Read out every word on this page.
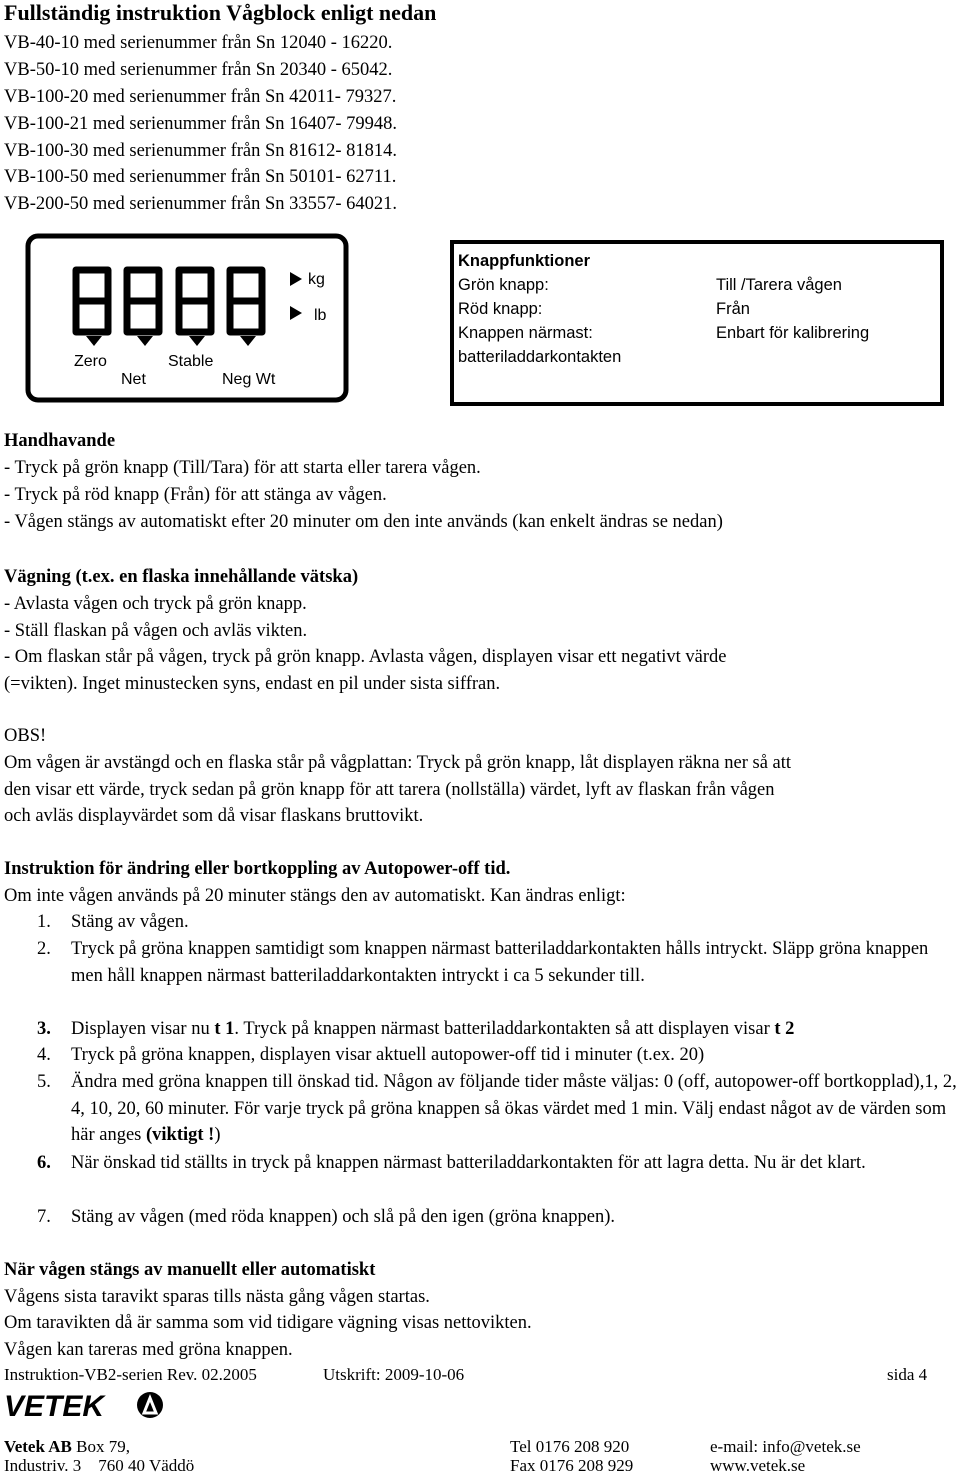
Fullständig instruktion Vågblock enligt nedan
VB-40-10 med serienummer från Sn 12040 - 16220.
VB-50-10 med serienummer från Sn 20340 - 65042.
VB-100-20 med serienummer från Sn 42011- 79327.
VB-100-21 med serienummer från Sn 16407- 79948.
VB-100-30 med serienummer från Sn 81612- 81814.
VB-100-50 med serienummer från Sn 50101- 62711.
VB-200-50 med serienummer från Sn 33557- 64021.
kg
lb
Zero
Net
Stable
Neg Wt
Knappfunktioner
Grön knapp:	Till /Tarera vågen
Röd knapp:	Från
Knappen närmast:	Enbart för kalibrering
batteriladdarkontakten
Handhavande
- Tryck på grön knapp (Till/Tara) för att starta eller tarera vågen.
- Tryck på röd knapp (Från) för att stänga av vågen.
- Vågen stängs av automatiskt efter 20 minuter om den inte används (kan enkelt ändras se nedan)
Vägning (t.ex. en flaska innehållande vätska)
- Avlasta vågen och tryck på grön knapp.
- Ställ flaskan på vågen och avläs vikten.
- Om flaskan står på vågen, tryck på grön knapp. Avlasta vågen, displayen visar ett negativt värde
(=vikten). Inget minustecken syns, endast en pil under sista siffran.
OBS!
Om vågen är avstängd och en flaska står på vågplattan: Tryck på grön knapp, låt displayen räkna ner så att
den visar ett värde, tryck sedan på grön knapp för att tarera (nollställa) värdet, lyft av flaskan från vågen
och avläs displayvärdet som då visar flaskans bruttovikt.
Instruktion för ändring eller bortkoppling av Autopower-off tid.
Om inte vågen används på 20 minuter stängs den av automatiskt. Kan ändras enligt:
1.	Stäng av vågen.
2.	Tryck på gröna knappen samtidigt som knappen närmast batteriladdarkontakten hålls intryckt. Släpp gröna knappen men håll knappen närmast batteriladdarkontakten intryckt i ca 5 sekunder till.
3.	Displayen visar nu t 1. Tryck på knappen närmast batteriladdarkontakten så att displayen visar t 2
4.	Tryck på gröna knappen, displayen visar aktuell autopower-off tid i minuter (t.ex. 20)
5.	Ändra med gröna knappen till önskad tid. Någon av följande tider måste väljas: 0 (off, autopower-off bortkopplad),1, 2, 4, 10, 20, 60 minuter. För varje tryck på gröna knappen så ökas värdet med 1 min. Välj endast något av de värden som här anges (viktigt !)
6.	När önskad tid ställts in tryck på knappen närmast batteriladdarkontakten för att lagra detta. Nu är det klart.
7.	Stäng av vågen (med röda knappen) och slå på den igen (gröna knappen).
När vågen stängs av manuellt eller automatiskt
Vågens sista taravikt sparas tills nästa gång vågen startas.
Om taravikten då är samma som vid tidigare vägning visas nettovikten.
Vågen kan tareras med gröna knappen.
Instruktion-VB2-serien Rev. 02.2005	Utskrift: 2009-10-06	sida 4
VETEK
Vetek AB Box 79,
Industriv. 3    760 40 Väddö
Tel 0176 208 920
Fax 0176 208 929
e-mail: info@vetek.se
www.vetek.se
